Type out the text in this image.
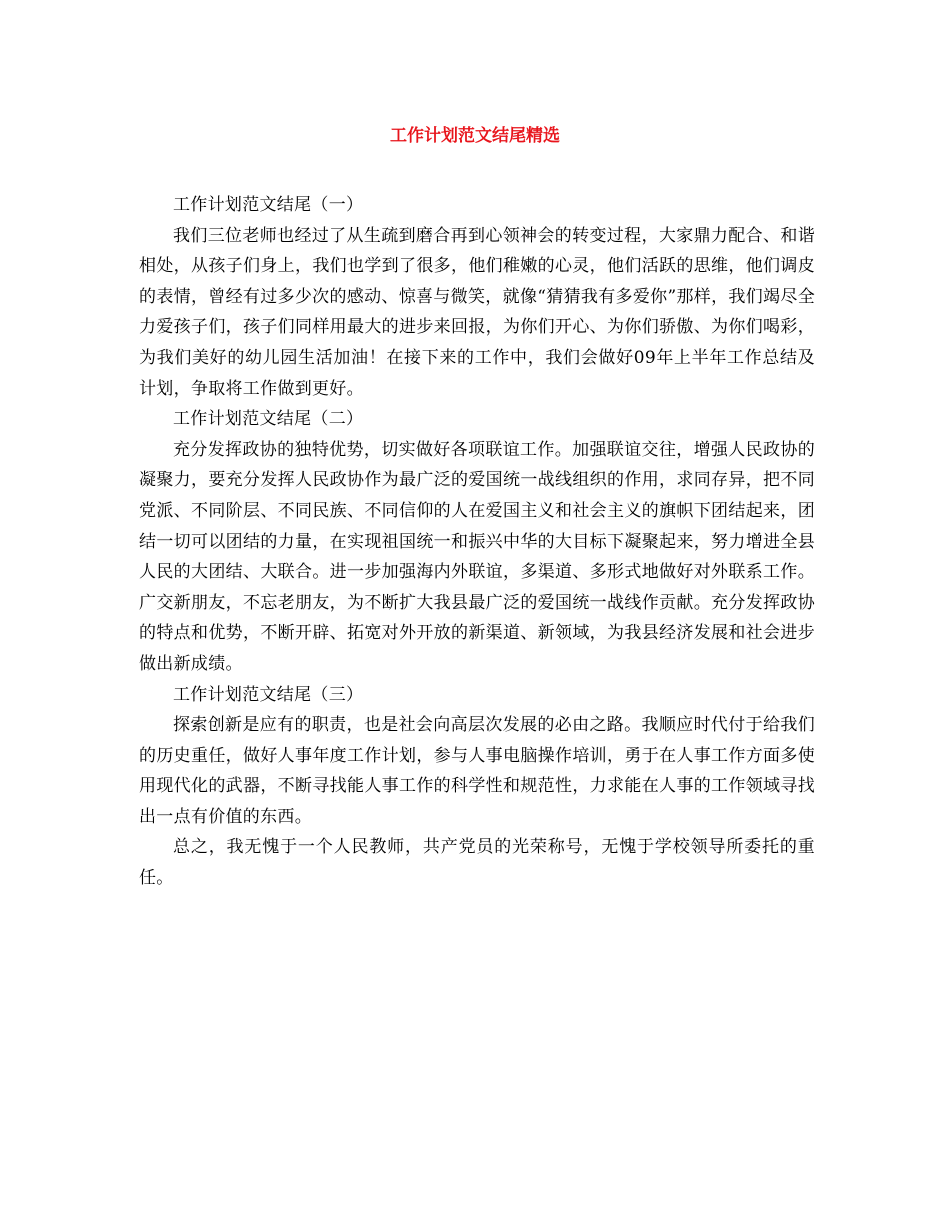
工作计划范文结尾精选

工作计划范文结尾（一）

我们三位老师也经过了从生疏到磨合再到心领神会的转变过程，大家鼎力配合、和谐相处，从孩子们身上，我们也学到了很多，他们稚嫩的心灵，他们活跃的思维，他们调皮的表情，曾经有过多少次的感动、惊喜与微笑，就像“猜猜我有多爱你”那样，我们竭尽全力爱孩子们，孩子们同样用最大的进步来回报，为你们开心、为你们骄傲、为你们喝彩，为我们美好的幼儿园生活加油！在接下来的工作中，我们会做好09年上半年工作总结及计划，争取将工作做到更好。

工作计划范文结尾（二）

充分发挥政协的独特优势，切实做好各项联谊工作。加强联谊交往，增强人民政协的凝聚力，要充分发挥人民政协作为最广泛的爱国统一战线组织的作用，求同存异，把不同党派、不同阶层、不同民族、不同信仰的人在爱国主义和社会主义的旗帜下团结起来，团结一切可以团结的力量，在实现祖国统一和振兴中华的大目标下凝聚起来，努力增进全县人民的大团结、大联合。进一步加强海内外联谊，多渠道、多形式地做好对外联系工作。广交新朋友，不忘老朋友，为不断扩大我县最广泛的爱国统一战线作贡献。充分发挥政协的特点和优势，不断开辟、拓宽对外开放的新渠道、新领域，为我县经济发展和社会进步做出新成绩。

工作计划范文结尾（三）

探索创新是应有的职责，也是社会向高层次发展的必由之路。我顺应时代付于给我们的历史重任，做好人事年度工作计划，参与人事电脑操作培训，勇于在人事工作方面多使用现代化的武器，不断寻找能人事工作的科学性和规范性，力求能在人事的工作领域寻找出一点有价值的东西。

总之，我无愧于一个人民教师，共产党员的光荣称号，无愧于学校领导所委托的重任。
